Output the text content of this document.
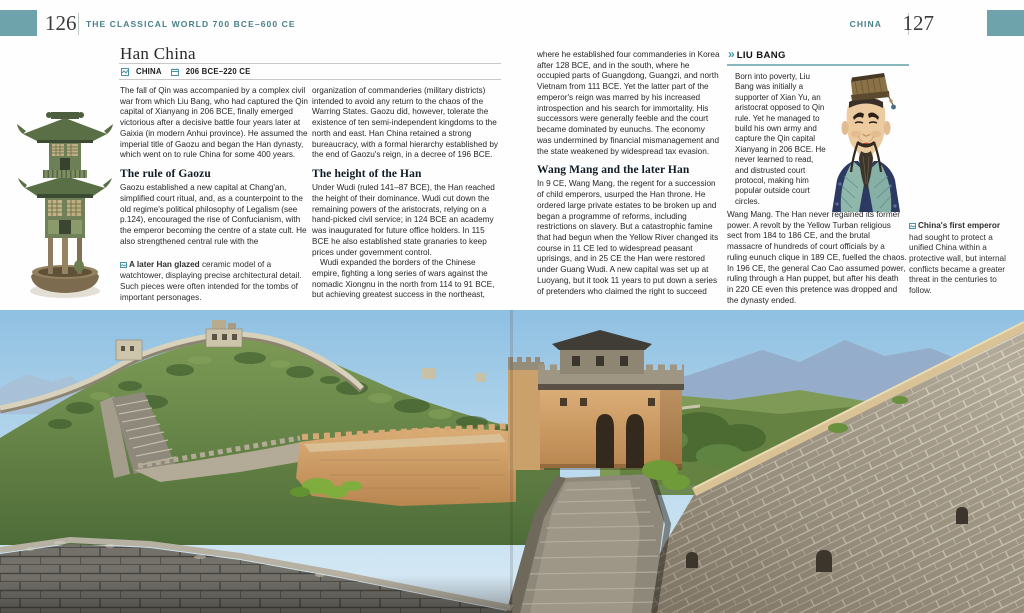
126 THE CLASSICAL WORLD 700 BCE–600 CE	CHINA 127
Han China
CHINA	206 BCE–220 CE

The fall of Qin was accompanied by a complex civil war from which Liu Bang, who had captured the Qin capital of Xianyang in 206 BCE, finally emerged victorious after a decisive battle four years later at Gaixia (in modern Anhui province). He assumed the imperial title of Gaozu and began the Han dynasty, which went on to rule China for some 400 years.

The rule of Gaozu

Gaozu established a new capital at Chang'an, simplified court ritual, and, as a counterpoint to the old regime's political philosophy of Legalism (see p.124), encouraged the rise of Confucianism, with the emperor becoming the centre of a state cult. He also strengthened central rule with the

A later Han glazed ceramic model of a watchtower, displaying precise architectural detail. Such pieces were often intended for the tombs of important personages.

organization of commanderies (military districts) intended to avoid any return to the chaos of the Warring States. Gaozu did, however, tolerate the existence of ten semi-independent kingdoms to the north and east. Han China retained a strong bureaucracy, with a formal hierarchy established by the end of Gaozu's reign, in a decree of 196 BCE.

The height of the Han

Under Wudi (ruled 141–87 BCE), the Han reached the height of their dominance. Wudi cut down the remaining powers of the aristocrats, relying on a hand-picked civil service; in 124 BCE an academy was inaugurated for future office holders. In 115 BCE he also established state granaries to keep prices under government control.

Wudi expanded the borders of the Chinese empire, fighting a long series of wars against the nomadic Xiongnu in the north from 114 to 91 BCE, but achieving greatest success in the northeast,

where he established four commanderies in Korea after 128 BCE, and in the south, where he occupied parts of Guangdong, Guangzi, and north Vietnam from 111 BCE. Yet the latter part of the emperor's reign was marred by his increased introspection and his search for immortality. His successors were generally feeble and the court became dominated by eunuchs. The economy was undermined by financial mismanagement and the state weakened by widespread tax evasion.

Wang Mang and the later Han

In 9 CE, Wang Mang, the regent for a succession of child emperors, usurped the Han throne. He ordered large private estates to be broken up and began a programme of reforms, including restrictions on slavery. But a catastrophic famine that had begun when the Yellow River changed its course in 11 CE led to widespread peasant uprisings, and in 25 CE the Han were restored under Guang Wudi. A new capital was set up at Luoyang, but it took 11 years to put down a series of pretenders who claimed the right to succeed

» LIU BANG
Born into poverty, Liu Bang was initially a supporter of Xian Yu, an aristocrat opposed to Qin rule. Yet he managed to build his own army and capture the Qin capital Xianyang in 206 BCE. He never learned to read, and distrusted court protocol, making him popular outside court circles.

Wang Mang. The Han never regained its former power. A revolt by the Yellow Turban religious sect from 184 to 186 CE, and the brutal massacre of hundreds of court officials by a ruling eunuch clique in 189 CE, fuelled the chaos. In 196 CE, the general Cao Cao assumed power, ruling through a Han puppet, but after his death in 220 CE even this pretence was dropped and the dynasty ended.

China's first emperor had sought to protect a unified China within a protective wall, but internal conflicts became a greater threat in the centuries to follow.
